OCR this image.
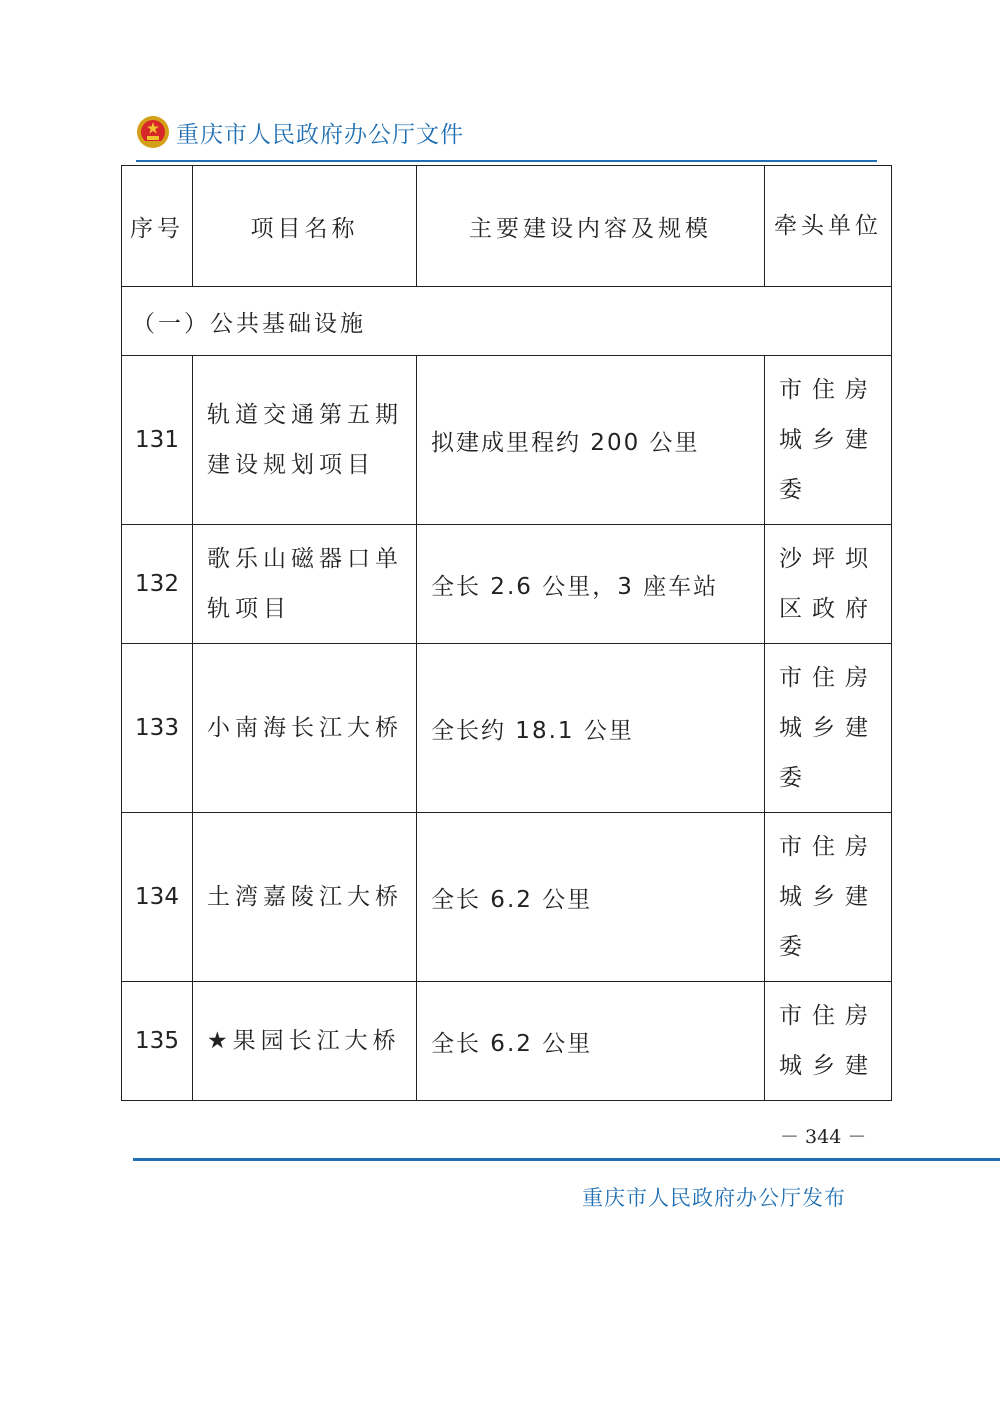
重庆市人民政府办公厅文件
序号	项目名称	主要建设内容及规模	牵头单位
（一）公共基础设施			
131	轨道交通第五期建设规划项目	拟建成里程约 200 公里	市住房城乡建委

132	歌乐山磁器口单轨项目	全长 2.6 公里，3 座车站	沙坪坝区政府

133	小南海长江大桥	全长约 18.1 公里	市住房城乡建委

134	土湾嘉陵江大桥	全长 6.2 公里	市住房城乡建委

135	★果园长江大桥	全长 6.2 公里	市住房城乡建
－ 344 －
重庆市人民政府办公厅发布
